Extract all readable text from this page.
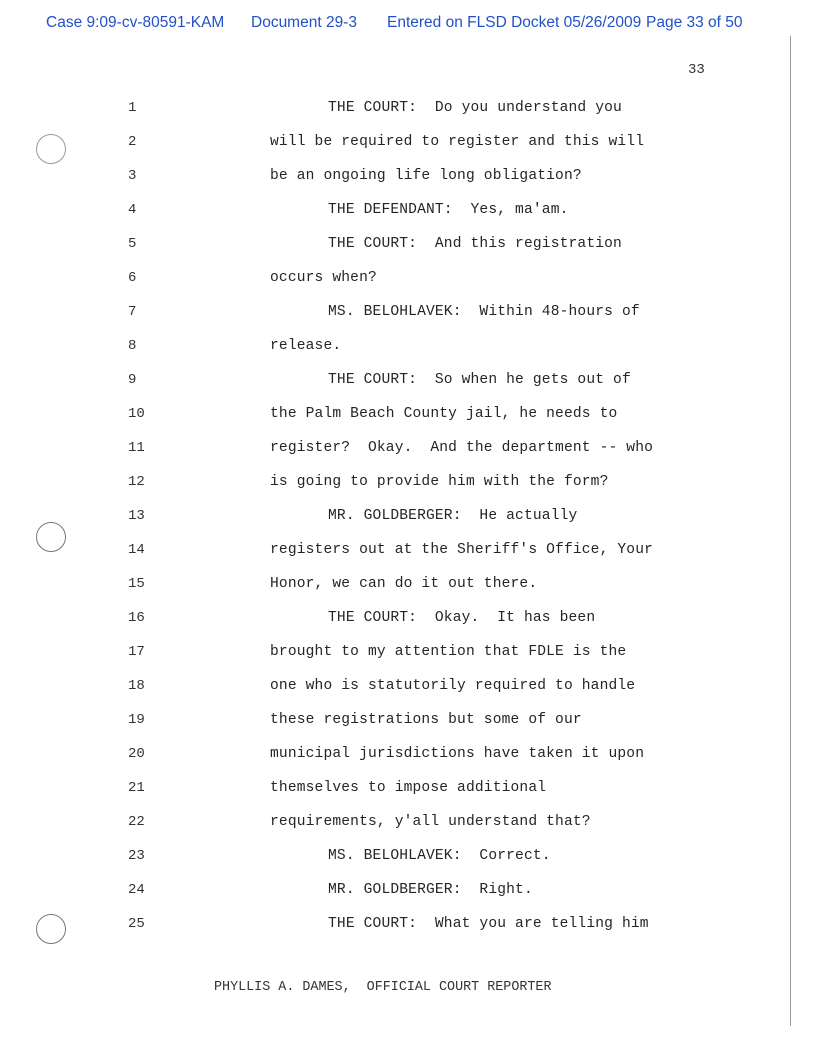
Case 9:09-cv-80591-KAM Document 29-3 Entered on FLSD Docket 05/26/2009 Page 33 of 50
33
1	THE COURT:  Do you understand you
2	will be required to register and this will
3	be an ongoing life long obligation?
4	THE DEFENDANT:  Yes, ma'am.
5	THE COURT:  And this registration
6	occurs when?
7	MS. BELOHLAVEK:  Within 48-hours of
8	release.
9	THE COURT:  So when he gets out of
10	the Palm Beach County jail, he needs to
11	register?  Okay.  And the department -- who
12	is going to provide him with the form?
13	MR. GOLDBERGER:  He actually
14	registers out at the Sheriff's Office, Your
15	Honor, we can do it out there.
16	THE COURT:  Okay.  It has been
17	brought to my attention that FDLE is the
18	one who is statutorily required to handle
19	these registrations but some of our
20	municipal jurisdictions have taken it upon
21	themselves to impose additional
22	requirements, y'all understand that?
23	MS. BELOHLAVEK:  Correct.
24	MR. GOLDBERGER:  Right.
25	THE COURT:  What you are telling him
PHYLLIS A. DAMES,  OFFICIAL COURT REPORTER
